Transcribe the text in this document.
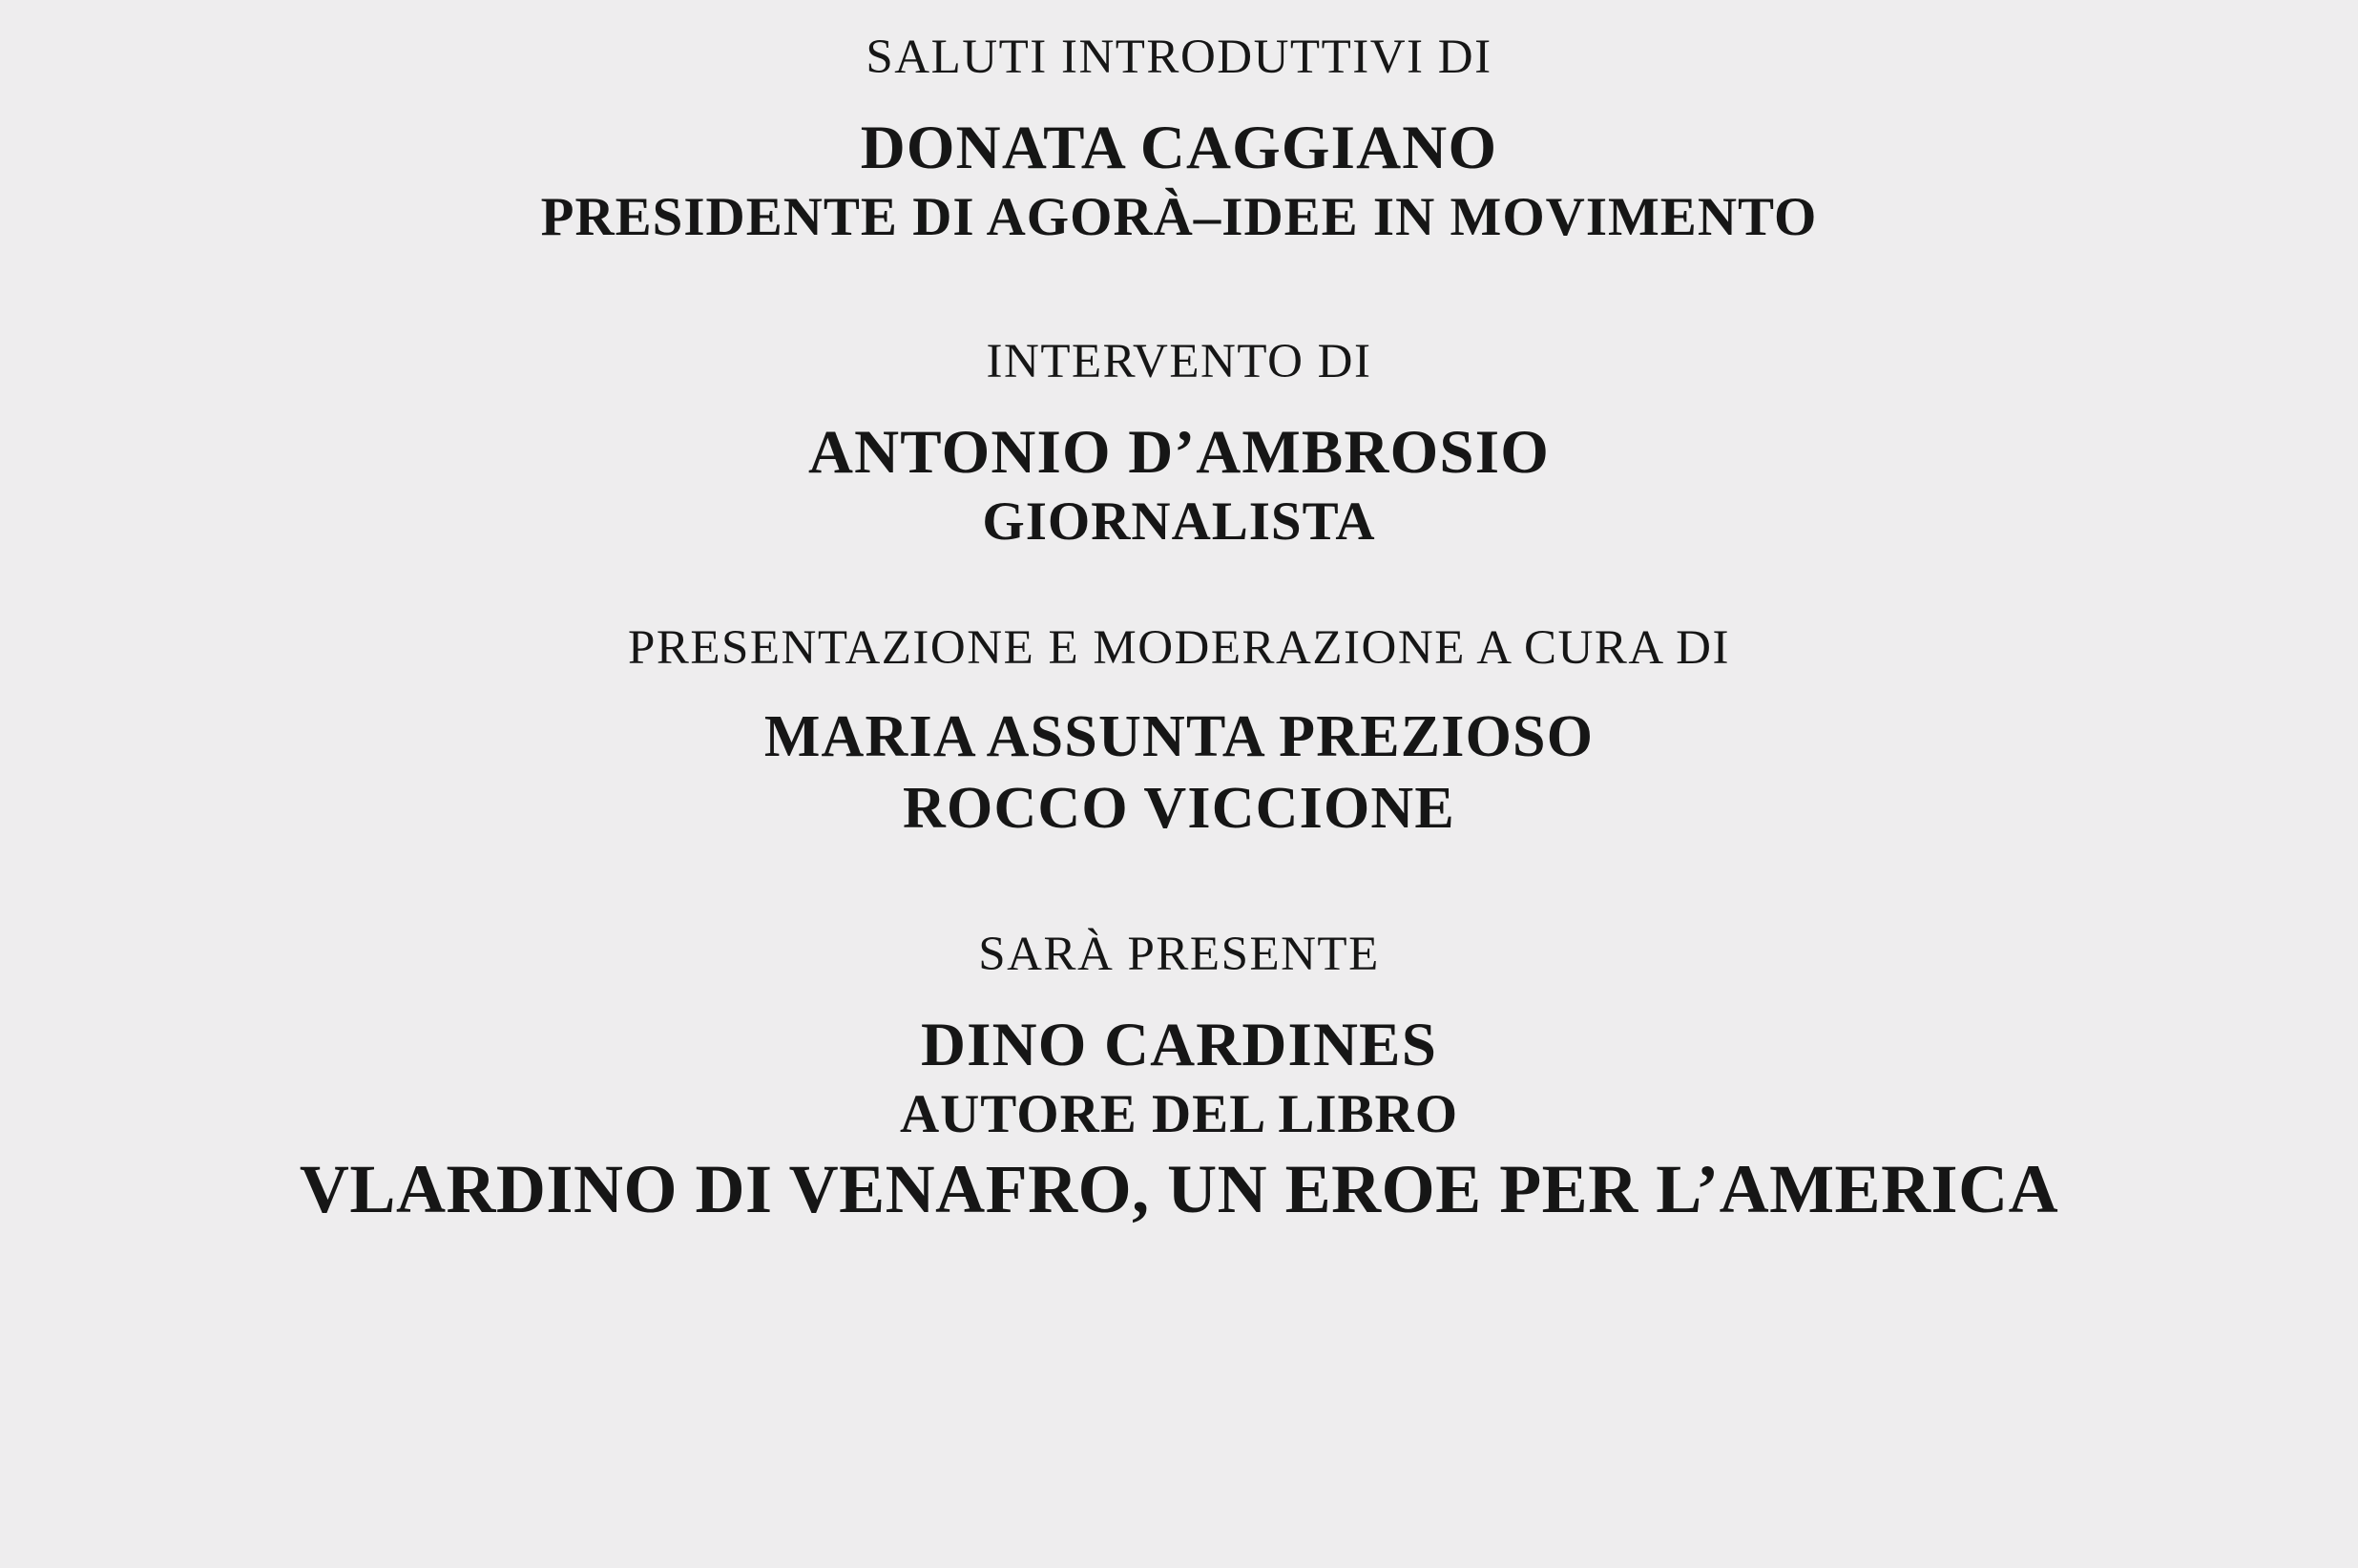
SALUTI INTRODUTTIVI DI
DONATA CAGGIANO
PRESIDENTE DI AGORÀ–IDEE IN MOVIMENTO
INTERVENTO DI
ANTONIO D’AMBROSIO
GIORNALISTA
PRESENTAZIONE E MODERAZIONE A CURA DI
MARIA ASSUNTA PREZIOSO
ROCCO VICCIONE
SARÀ PRESENTE
DINO CARDINES
AUTORE DEL LIBRO
VLARDINO DI VENAFRO, UN EROE PER L’AMERICA
